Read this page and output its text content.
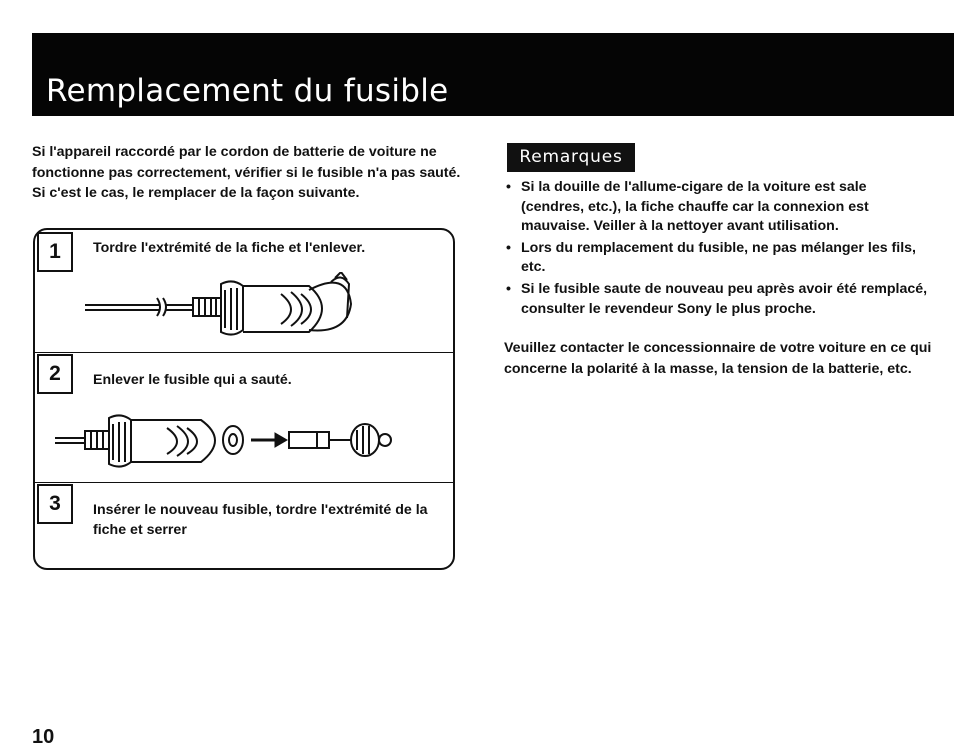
Remplacement du fusible

Si l'appareil raccordé par le cordon de batterie de voiture ne fonctionne pas correctement, vérifier si le fusible n'a pas sauté. Si c'est le cas, le remplacer de la façon suivante.

1	Tordre l'extrémité de la fiche et l'enlever.
2	Enlever le fusible qui a sauté.
3	Insérer le nouveau fusible, tordre l'extrémité de la fiche et serrer
Remarques
• Si la douille de l'allume-cigare de la voiture est sale (cendres, etc.), la fiche chauffe car la connexion est mauvaise. Veiller à la nettoyer avant utilisation.
• Lors du remplacement du fusible, ne pas mélanger les fils, etc.
• Si le fusible saute de nouveau peu après avoir été remplacé, consulter le revendeur Sony le plus proche.

Veuillez contacter le concessionnaire de votre voiture en ce qui concerne la polarité à la masse, la tension de la batterie, etc.

10
